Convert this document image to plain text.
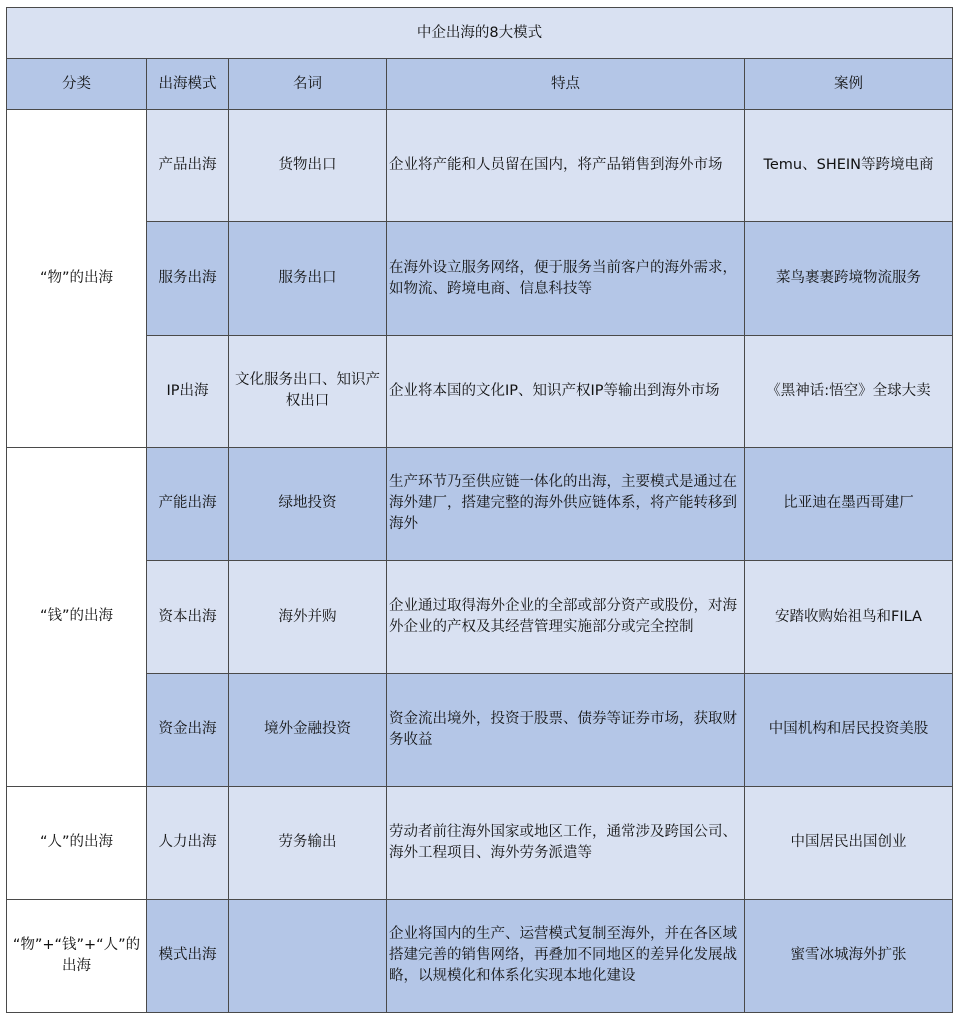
中企出海的8大模式				
分类	出海模式	名词	特点	案例
“物”的出海	产品出海	货物出口	企业将产能和人员留在国内，将产品销售到海外市场	Temu、SHEIN等跨境电商
	服务出海	服务出口	在海外设立服务网络，便于服务当前客户的海外需求，如物流、跨境电商、信息科技等	菜鸟裹裹跨境物流服务
	IP出海	文化服务出口、知识产权出口	企业将本国的文化IP、知识产权IP等输出到海外市场	《黑神话:悟空》全球大卖
“钱”的出海	产能出海	绿地投资	生产环节乃至供应链一体化的出海，主要模式是通过在海外建厂，搭建完整的海外供应链体系，将产能转移到海外	比亚迪在墨西哥建厂
	资本出海	海外并购	企业通过取得海外企业的全部或部分资产或股份，对海外企业的产权及其经营管理实施部分或完全控制	安踏收购始祖鸟和FILA
	资金出海	境外金融投资	资金流出境外，投资于股票、债券等证券市场，获取财务收益	中国机构和居民投资美股
“人”的出海	人力出海	劳务输出	劳动者前往海外国家或地区工作，通常涉及跨国公司、海外工程项目、海外劳务派遣等	中国居民出国创业
“物”+“钱”+“人”的出海	模式出海		企业将国内的生产、运营模式复制至海外，并在各区域搭建完善的销售网络，再叠加不同地区的差异化发展战略，以规模化和体系化实现本地化建设	蜜雪冰城海外扩张
